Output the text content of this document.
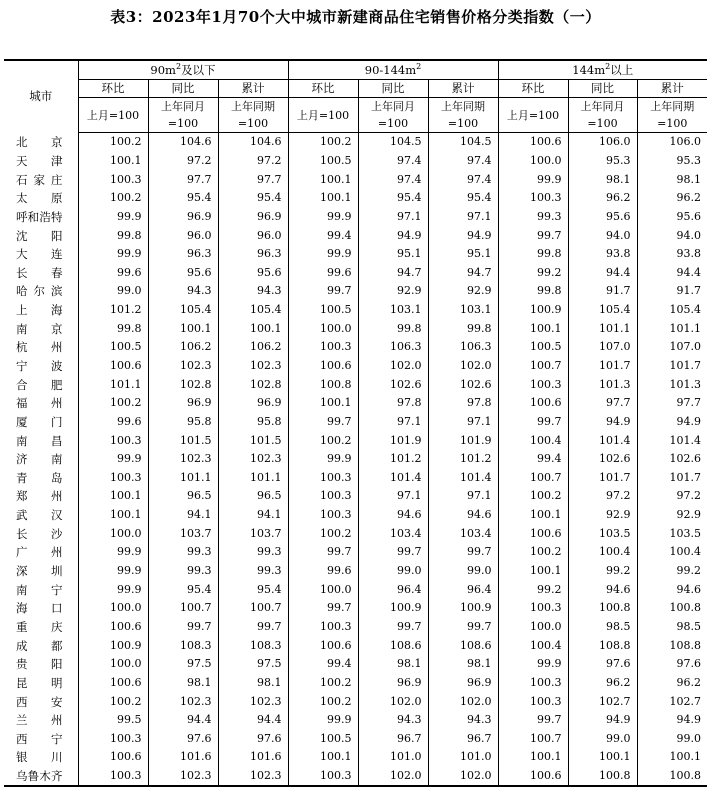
表3：2023年1月70个大中城市新建商品住宅销售价格分类指数（一）
城市	$90m^2$及以下			$90-144m^2$			$144m^2$以上		
	环比	同比	累计	环比	同比	累计	环比	同比	累计
	上月=100	上年同月=100	上年同期=100	上月=100	上年同月=100	上年同期=100	上月=100	上年同月=100	上年同期=100
北京	100.2	104.6	104.6	100.2	104.5	104.5	100.6	106.0	106.0
天津	100.1	97.2	97.2	100.5	97.4	97.4	100.0	95.3	95.3
石家庄	100.3	97.7	97.7	100.1	97.4	97.4	99.9	98.1	98.1
太原	100.2	95.4	95.4	100.1	95.4	95.4	100.3	96.2	96.2
呼和浩特	99.9	96.9	96.9	99.9	97.1	97.1	99.3	95.6	95.6
沈阳	99.8	96.0	96.0	99.4	94.9	94.9	99.7	94.0	94.0
大连	99.9	96.3	96.3	99.9	95.1	95.1	99.8	93.8	93.8
长春	99.6	95.6	95.6	99.6	94.7	94.7	99.2	94.4	94.4
哈尔滨	99.0	94.3	94.3	99.7	92.9	92.9	99.8	91.7	91.7
上海	101.2	105.4	105.4	100.5	103.1	103.1	100.9	105.4	105.4
南京	99.8	100.1	100.1	100.0	99.8	99.8	100.1	101.1	101.1
杭州	100.5	106.2	106.2	100.3	106.3	106.3	100.5	107.0	107.0
宁波	100.6	102.3	102.3	100.6	102.0	102.0	100.7	101.7	101.7
合肥	101.1	102.8	102.8	100.8	102.6	102.6	100.3	101.3	101.3
福州	100.2	96.9	96.9	100.1	97.8	97.8	100.6	97.7	97.7
厦门	99.6	95.8	95.8	99.7	97.1	97.1	99.7	94.9	94.9
南昌	100.3	101.5	101.5	100.2	101.9	101.9	100.4	101.4	101.4
济南	99.9	102.3	102.3	99.9	101.2	101.2	99.4	102.6	102.6
青岛	100.3	101.1	101.1	100.3	101.4	101.4	100.7	101.7	101.7
郑州	100.1	96.5	96.5	100.3	97.1	97.1	100.2	97.2	97.2
武汉	100.1	94.1	94.1	100.3	94.6	94.6	100.1	92.9	92.9
长沙	100.0	103.7	103.7	100.2	103.4	103.4	100.6	103.5	103.5
广州	99.9	99.3	99.3	99.7	99.7	99.7	100.2	100.4	100.4
深圳	99.9	99.3	99.3	99.6	99.0	99.0	100.1	99.2	99.2
南宁	99.9	95.4	95.4	100.0	96.4	96.4	99.2	94.6	94.6
海口	100.0	100.7	100.7	99.7	100.9	100.9	100.3	100.8	100.8
重庆	100.6	99.7	99.7	100.3	99.7	99.7	100.0	98.5	98.5
成都	100.9	108.3	108.3	100.6	108.6	108.6	100.4	108.8	108.8
贵阳	100.0	97.5	97.5	99.4	98.1	98.1	99.9	97.6	97.6
昆明	100.6	98.1	98.1	100.2	96.9	96.9	100.3	96.2	96.2
西安	100.2	102.3	102.3	100.2	102.0	102.0	100.3	102.7	102.7
兰州	99.5	94.4	94.4	99.9	94.3	94.3	99.7	94.9	94.9
西宁	100.3	97.6	97.6	100.5	96.7	96.7	100.7	99.0	99.0
银川	100.6	101.6	101.6	100.1	101.0	101.0	100.1	100.1	100.1
乌鲁木齐	100.3	102.3	102.3	100.3	102.0	102.0	100.6	100.8	100.8
